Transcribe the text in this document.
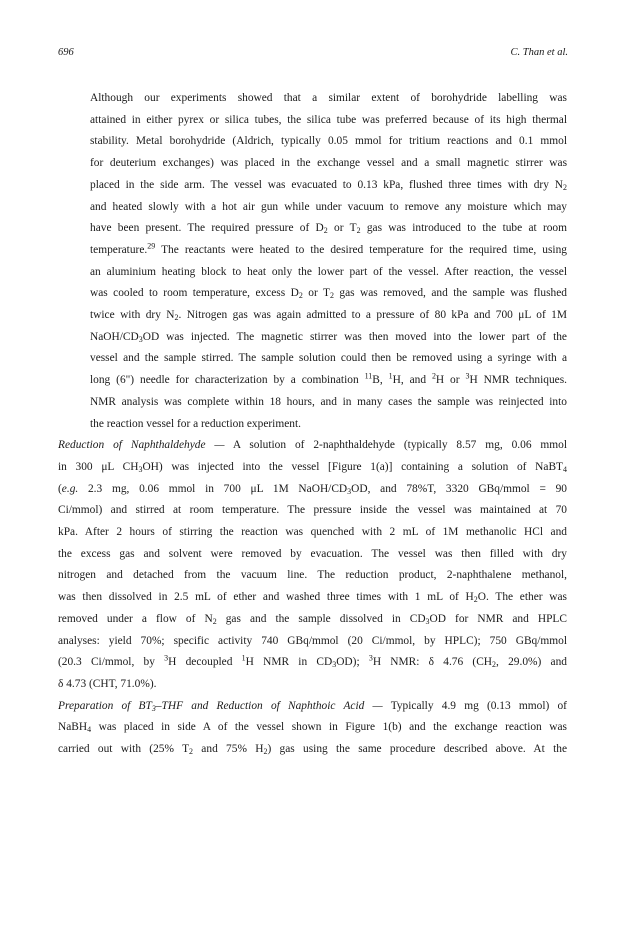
696	C. Than et al.

Although our experiments showed that a similar extent of borohydride labelling was
attained in either pyrex or silica tubes, the silica tube was preferred because of its high thermal
stability. Metal borohydride (Aldrich, typically 0.05 mmol for tritium reactions and 0.1 mmol
for deuterium exchanges) was placed in the exchange vessel and a small magnetic stirrer was
placed in the side arm. The vessel was evacuated to 0.13 kPa, flushed three times with dry $N_2$
and heated slowly with a hot air gun while under vacuum to remove any moisture which may
have been present. The required pressure of $D_2$ or $T_2$ gas was introduced to the tube at room
temperature.$^{29}$ The reactants were heated to the desired temperature for the required time, using
an aluminium heating block to heat only the lower part of the vessel. After reaction, the vessel
was cooled to room temperature, excess $D_2$ or $T_2$ gas was removed, and the sample was flushed
twice with dry $N_2$. Nitrogen gas was again admitted to a pressure of 80 kPa and 700 μL of 1M
NaOH/$CD_3OD$ was injected. The magnetic stirrer was then moved into the lower part of the
vessel and the sample stirred. The sample solution could then be removed using a syringe with a
long (6") needle for characterization by a combination $^{11}$B, $^1$H, and $^2$H or $^3$H NMR techniques.
NMR analysis was complete within 18 hours, and in many cases the sample was reinjected into
the reaction vessel for a reduction experiment.

Reduction of Naphthaldehyde — A solution of 2-naphthaldehyde (typically 8.57 mg, 0.06 mmol
in 300 μL $CH_3OH$) was injected into the vessel [Figure 1(a)] containing a solution of NaBT$_4$
(e.g. 2.3 mg, 0.06 mmol in 700 μL 1M NaOH/$CD_3OD$, and 78%T, 3320 GBq/mmol = 90
Ci/mmol) and stirred at room temperature. The pressure inside the vessel was maintained at 70
kPa. After 2 hours of stirring the reaction was quenched with 2 mL of 1M methanolic HCl and
the excess gas and solvent were removed by evacuation. The vessel was then filled with dry
nitrogen and detached from the vacuum line. The reduction product, 2-naphthalene methanol,
was then dissolved in 2.5 mL of ether and washed three times with 1 mL of $H_2O$. The ether was
removed under a flow of $N_2$ gas and the sample dissolved in $CD_3OD$ for NMR and HPLC
analyses: yield 70%; specific activity 740 GBq/mmol (20 Ci/mmol, by HPLC); 750 GBq/mmol
(20.3 Ci/mmol, by $^3$H decoupled $^1$H NMR in $CD_3OD$); $^3$H NMR: δ 4.76 ($CH_2$, 29.0%) and
δ 4.73 (CHT, 71.0%).

Preparation of $BT_3$–THF and Reduction of Naphthoic Acid — Typically 4.9 mg (0.13 mmol) of
NaBH$_4$ was placed in side A of the vessel shown in Figure 1(b) and the exchange reaction was
carried out with (25% $T_2$ and 75% $H_2$) gas using the same procedure described above. At the
